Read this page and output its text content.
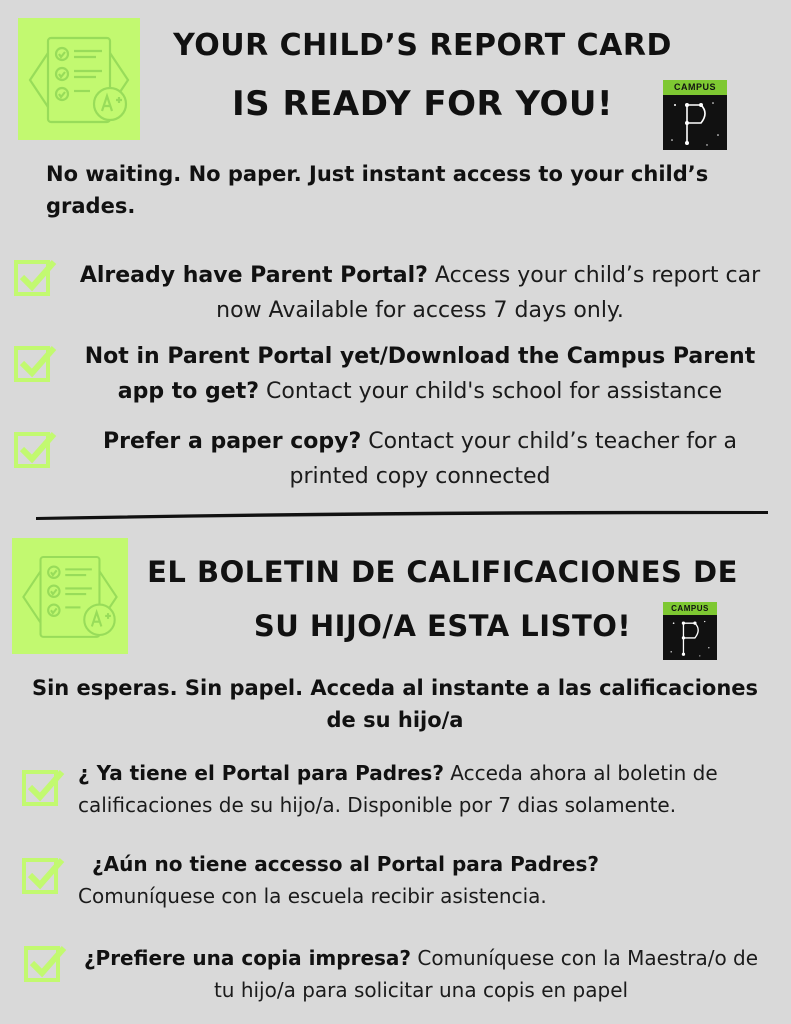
YOUR CHILD’S REPORT CARD
IS READY FOR YOU!	CAMPUS
No waiting. No paper. Just instant access to your child’s grades.
Already have Parent Portal? Access your child’s report car now Available for access 7 days only.
Not in Parent Portal yet/Download the Campus Parent app to get? Contact your child's school for assistance
Prefer a paper copy? Contact your child’s teacher for a printed copy connected
EL BOLETIN DE CALIFICACIONES DE
SU HIJO/A ESTA LISTO!
CAMPUS
Sin esperas. Sin papel. Acceda al instante a las calificaciones de su hijo/a
¿ Ya tiene el Portal para Padres? Acceda ahora al boletin de calificaciones de su hijo/a. Disponible por 7 dias solamente.
¿Aún no tiene accesso al Portal para Padres?
Comuníquese con la escuela recibir asistencia.
¿Prefiere una copia impresa? Comuníquese con la Maestra/o de tu hijo/a para solicitar una copis en papel
